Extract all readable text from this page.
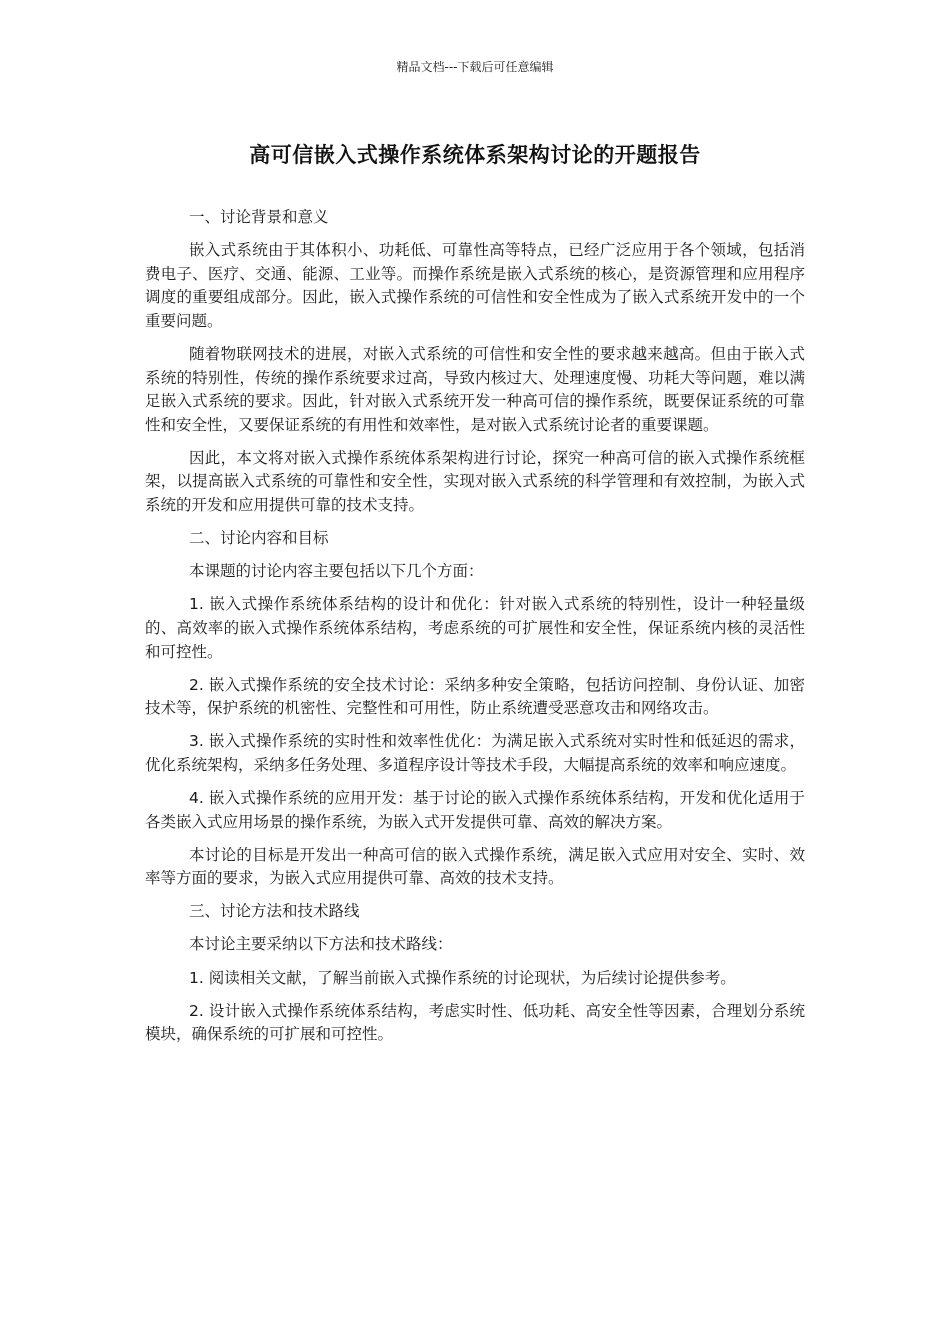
精品文档---下载后可任意编辑
高可信嵌入式操作系统体系架构讨论的开题报告

一、讨论背景和意义

嵌入式系统由于其体积小、功耗低、可靠性高等特点，已经广泛应用于各个领域，包括消费电子、医疗、交通、能源、工业等。而操作系统是嵌入式系统的核心，是资源管理和应用程序调度的重要组成部分。因此，嵌入式操作系统的可信性和安全性成为了嵌入式系统开发中的一个重要问题。

随着物联网技术的进展，对嵌入式系统的可信性和安全性的要求越来越高。但由于嵌入式系统的特别性，传统的操作系统要求过高，导致内核过大、处理速度慢、功耗大等问题，难以满足嵌入式系统的要求。因此，针对嵌入式系统开发一种高可信的操作系统，既要保证系统的可靠性和安全性，又要保证系统的有用性和效率性，是对嵌入式系统讨论者的重要课题。

因此，本文将对嵌入式操作系统体系架构进行讨论，探究一种高可信的嵌入式操作系统框架，以提高嵌入式系统的可靠性和安全性，实现对嵌入式系统的科学管理和有效控制，为嵌入式系统的开发和应用提供可靠的技术支持。

二、讨论内容和目标

本课题的讨论内容主要包括以下几个方面：

1. 嵌入式操作系统体系结构的设计和优化：针对嵌入式系统的特别性，设计一种轻量级的、高效率的嵌入式操作系统体系结构，考虑系统的可扩展性和安全性，保证系统内核的灵活性和可控性。

2. 嵌入式操作系统的安全技术讨论：采纳多种安全策略，包括访问控制、身份认证、加密技术等，保护系统的机密性、完整性和可用性，防止系统遭受恶意攻击和网络攻击。

3. 嵌入式操作系统的实时性和效率性优化：为满足嵌入式系统对实时性和低延迟的需求，优化系统架构，采纳多任务处理、多道程序设计等技术手段，大幅提高系统的效率和响应速度。

4. 嵌入式操作系统的应用开发：基于讨论的嵌入式操作系统体系结构，开发和优化适用于各类嵌入式应用场景的操作系统，为嵌入式开发提供可靠、高效的解决方案。

本讨论的目标是开发出一种高可信的嵌入式操作系统，满足嵌入式应用对安全、实时、效率等方面的要求，为嵌入式应用提供可靠、高效的技术支持。

三、讨论方法和技术路线

本讨论主要采纳以下方法和技术路线：

1. 阅读相关文献，了解当前嵌入式操作系统的讨论现状，为后续讨论提供参考。

2. 设计嵌入式操作系统体系结构，考虑实时性、低功耗、高安全性等因素，合理划分系统模块，确保系统的可扩展和可控性。
